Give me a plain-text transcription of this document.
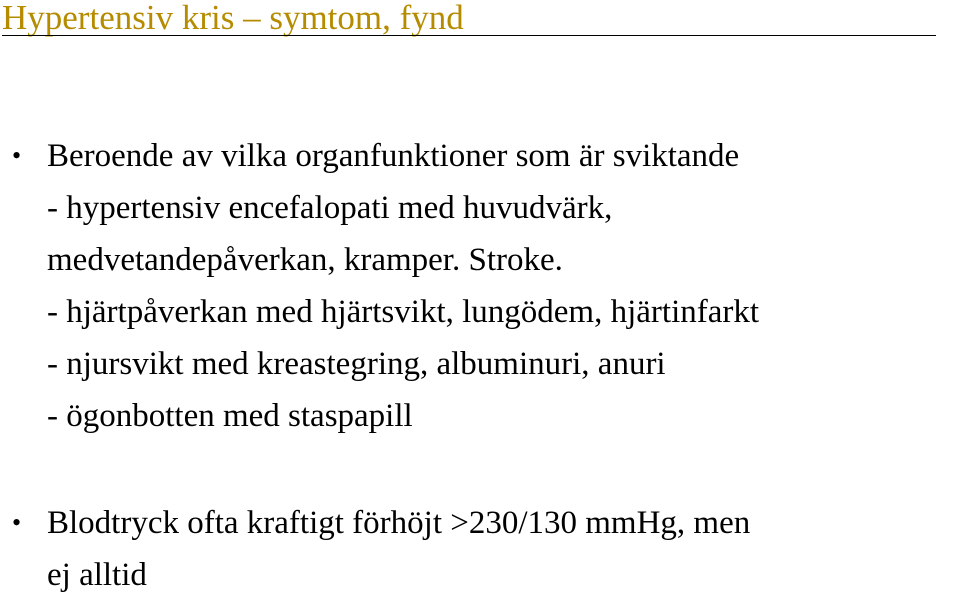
Hypertensiv kris – symtom, fynd
• Beroende av vilka organfunktioner som är sviktande
- hypertensiv encefalopati med huvudvärk,
medvetandepåverkan, kramper. Stroke.
- hjärtpåverkan med hjärtsvikt, lungödem, hjärtinfarkt
- njursvikt med kreastegring, albuminuri, anuri
- ögonbotten med staspapill
• Blodtryck ofta kraftigt förhöjt >230/130 mmHg, men
ej alltid
